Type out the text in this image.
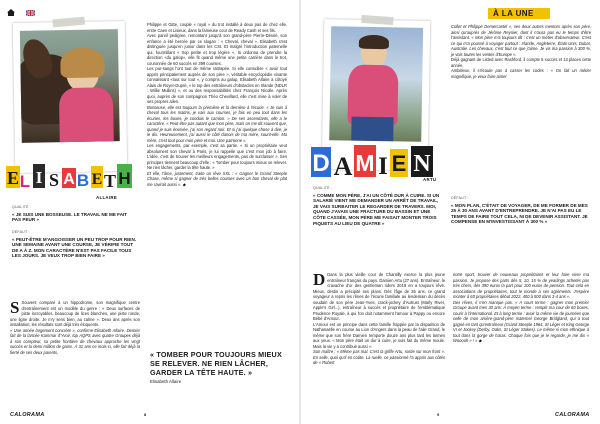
E L I S A B E T H
ALLAIRE
QUALITÉ :
« JE SUIS UNE BOSSEUSE. LE TRAVAIL NE ME FAIT PAS PEUR »
DÉFAUT :
« PEUT-ÊTRE M'ANGOISSER UN PEU TROP POUR RIEN. UNE SEMAINE AVANT UNE COURSE, JE VÉRIFIE TOUT DE A À Z. MON CARACTÈRE N'EST PAS FACILE TOUS LES JOURS. JE VEUX TROP BIEN FAIRE »

S Souvent comparé à un hippodrome, son magnifique centre d'entraînement est un modèle du genre : « Deux surfaces de piste incroyables, beaucoup de lices blanches, une piste ronde, une ligne droite. Je m'y sens bien, au calme ». Deux ans après son installation, les résultats sont déjà très éloquents.

« Une année largement concrète », confirme Elisabeth Allaire. Dernier fait de la lancée Kammar d'Yvoir, top AQPS avec quatre Groupes déjà à son compteur, sa petite frontière de chevaux approche les vingt succès et la demi-million de gains. À 31 ans ce mois-ci, elle fait déjà la fierté de ses deux parents,

Philippe et Gitte, couple « royal » du trot installé à deux pas de chez elle, entre Caen et Lisieux, dans la fameuse cour de Ready Cash et ses fils.

Avec pareil pedigree, remontant jusqu'à son grand-père Pierre-Désiré, son enfance a été bercée par ce slogan : « Cheval, cheval ». Elisabeth s'est distinguée jusqu'en junior dans les CSI. Et malgré l'introduction paternelle qui, fourmillant « trop petite et trop légère », la ordonna de prendre la direction «du galop», elle fit quand même une petite carrière dans le trot, couronnée de 60 succès en 399 courses.

Les pur-sangs l'ont tout de même rattrapée. Si elle considère « avoir tout appris principalement auprès de son père », véritable encyclopédie vivante connaissant «tout sur tout », y compris au galop, Elisabeth Allaire a côtoyé Alain de Royer-Dupré, « le top des entraîneurs d'obstacles en Irlande (NDLR : Willie Mullins) », et ou des responsabilités chez François Nicolle. Après quoi, auprès de son compagnon Théo Chevillard, elle c'est mise à voler de ses propres ailes.

Bosseuse, elle est toujours la première et la dernière à l'écurie. « Je suis à cheval tous les matins, je vais aux courses, je fais en peu tout dans les écuries, les boxes, je conduis le camion. » De ses ascendants, elle a le caractère. « Peut-être pas autant que mon père, mais on me dit souvent que, quand je suis énervée, j'ai son regard noir. Et si j'ai quelque chose à dire, je le dis. Heureusement, j'ai aussi le côté danois de ma mère, sourit-elle. Ma mère, c'est tout pour mon père et moi. Une patronne ».

Les engagements, par exemple, c'est sa partie. « Si un propriétaire veut absolument son cheval à Paris, je lui rappelle que c'est mon job à faire. L'idée, c'est de trouver les meilleurs engagements, pas de surclasser ». Ses principes tiennent beaucoup d'elle : « Tomber pour toujours mieux se relever. Ne rien lâcher, garder la tête haute. »

Et elle, l'âme, justement, traite un rêve XXL : « Gagner le Grand Steeple Chase, même si gagner de très belles courses avec un bon cheval de plat me ravirait aussi ». ◆

« TOMBER POUR TOUJOURS MIEUX SE RELEVER. NE RIEN LÂCHER, GARDER LA TÊTE HAUTE. »
Elisabeth Allaire
CALORAMA	8
À LA UNE
D A M I E N
ARTU

Collet et Philippe Demercastel », ses deux autres mentors après son père, ainsi qu'auprès de Jérôme Reynier, dont il n'aura pas eu le temps d'être l'assistant. « Mon père m'a toujours dit : c'est un métier d'observateur. C'est ce qui m'a poussé à voyager partout : Irlande, Angleterre, États-Unis, Dubaï, Australie. Les chevaux, c'est tout ce que j'aime. Je vis ma passion à 300 %, je vois toutes les ventes d'Europe ».

Déjà gagnant de Listed avec Rashford, il compte 5 succès et 13 places cette année.

Ambitieux, il s'écoute pas à casser les codes : « On fait un métier magnifique, je veux faire aimer

QUALITÉ :
« COMME MON PÈRE, J'AI UN CÔTÉ DUR À CUIRE. SI UN SALARIÉ VIENT ME DEMANDER UN ARRÊT DE TRAVAIL, JE VAIS SURBAITER LE REGARDER DE TRAVERS. MOI, QUAND J'AVAIS UNE FRACTURE DU BASSIN ET UNE CÔTE CASSÉE, MON PÈRE ME FAISAIT MONTER TROIS PIQUETS AU LIEU DE QUATRE »
DÉFAUT :
« MON PLAN, C'ÉTAIT DE VOYAGER, DE ME FORMER DE MES 25 À 30 ANS AVANT D'ENTREPRENDRE. JE N'AI PAS EU LE TEMPS DE FAIRE TOUT CELA, NI DE DEVENIR ASSISTANT. JE COMPENSE EN M'INVESTISSANT À 300 % »

D Dans la plus vieille cour de Chantilly exerce la plus jeune entraîneur français du pays. Damien Artu (27 ans). Entraîneur, le cravache d'or des gentleman riders 2019 en a toujours rêvé. Mieux, destin a précipité ses plans. Dès l'âge de 25 ans, ce grand voyageur a repris les rênes de l'écurie familiale au lendemain du décès soudain de son père Jean-Yves, crack-jockey d'Autrust (Marly River, Apple's Girl...), entraîneur à succès et propriétaire de l'emblématique Prudence Royale, à qui l'on doit notamment l'amour à Pappy ou encore Bébé d'Amour.

L'Amour est un principe dans cette famille frappée par la disparition de Nathanaëlle en course au Lion d'Angers dans la peau de l'aile Grand, le même que son frère Damien remporte douze ans plus tard les larmes aux yeux. « Mon père était un dur à cuire, je suis fait du même moule. Mais la vie y a contribué aussi ».

Son maître : « Même pas mal. C'est la griffe Artu, sortie sur mon front ». En selle, quoi qu'il en coûte. La ruelle, ce passionné l'a appris aux côtés de « Robert

notre sport, trouver de nouveaux propriétaires et leur faire vivre ma passion. Je propose des parts dès 5, 10, 15 % de yearlings achetés pas très chers, dès 390 euros la part pour 100 euros de pension. Tout cela en associations de propriétaires, tout le monde a ses agréments. J'espère monter à 60 propriétaires début 2022, 400 à 500 dans 3-4 ans ».

Des rêves, il n'en manque pas. « À court terme : gagner mon premier Groupe avant mes 30 ans. À moyen terme : remplir ma cour de 60 boxes, courir à l'international. Et à long terme : avoir la même vie de journées que celle de mon arrière-grand-père maternel George Bridgland, qui a tout gagné en tant qu'entraîneur (Grand Steeple 1964, St Léger et King George VI et Jockey (Derby, Oaks, St Léger Stakes). Le même si mon ethnique à tout dans la gorge de haras. Chaque fois que je le regarde, je me dis « Wooooh » ! » ◆

9	CALORAMA
